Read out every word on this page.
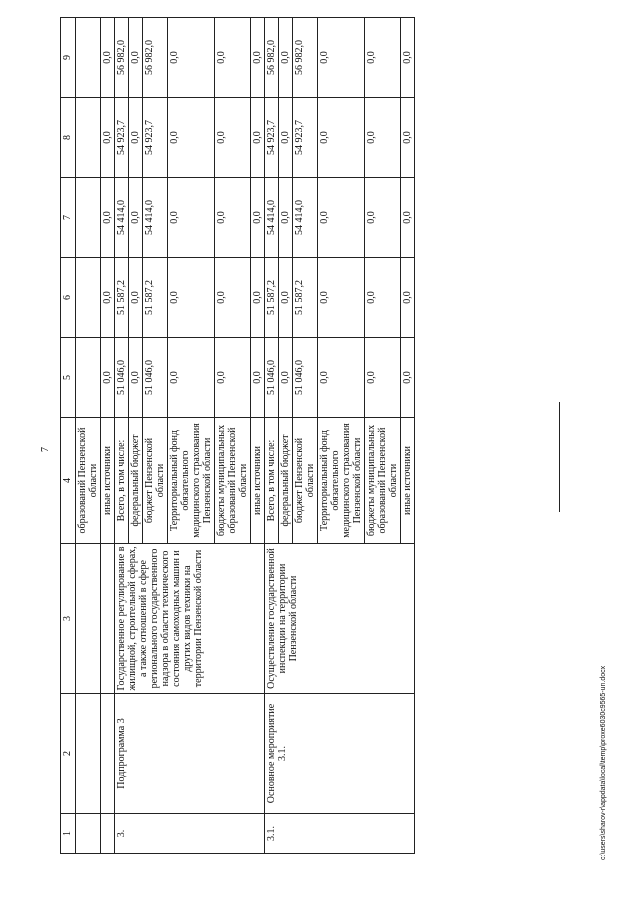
7
1	2	3	4	5	6	7	8	9
			образований Пензенской области					
			иные источники	0,0	0,0	0,0	0,0	0,0
3.	Подпрограмма 3	Государственное регулирование в жилищной, строительной сферах, а также отношений в сфере регионального государственного надзора в области технического состояния самоходных машин и других видов техники на территории Пензенской области	Всего, в том числе:	51 046,0	51 587,2	54 414,0	54 923,7	56 982,0
			федеральный бюджет	0,0	0,0	0,0	0,0	0,0
			бюджет Пензенской области	51 046,0	51 587,2	54 414,0	54 923,7	56 982,0
			Территориальный фонд обязательного медицинского страхования Пензенской области	0,0	0,0	0,0	0,0	0,0
			бюджеты муниципальных образований Пензенской области	0,0	0,0	0,0	0,0	0,0
			иные источники	0,0	0,0	0,0	0,0	0,0
3.1.	Основное мероприятие 3.1.	Осуществление государственной инспекции на территории Пензенской области	Всего, в том числе:	51 046,0	51 587,2	54 414,0	54 923,7	56 982,0
			федеральный бюджет	0,0	0,0	0,0	0,0	0,0
			бюджет Пензенской области	51 046,0	51 587,2	54 414,0	54 923,7	56 982,0
			Территориальный фонд обязательного медицинского страхования Пензенской области	0,0	0,0	0,0	0,0	0,0
			бюджеты муниципальных образований Пензенской области	0,0	0,0	0,0	0,0	0,0
			иные источники	0,0	0,0	0,0	0,0	0,0
c:\users\sharov-r\appdata\local\temp\proxe6030c9565-un.docx
